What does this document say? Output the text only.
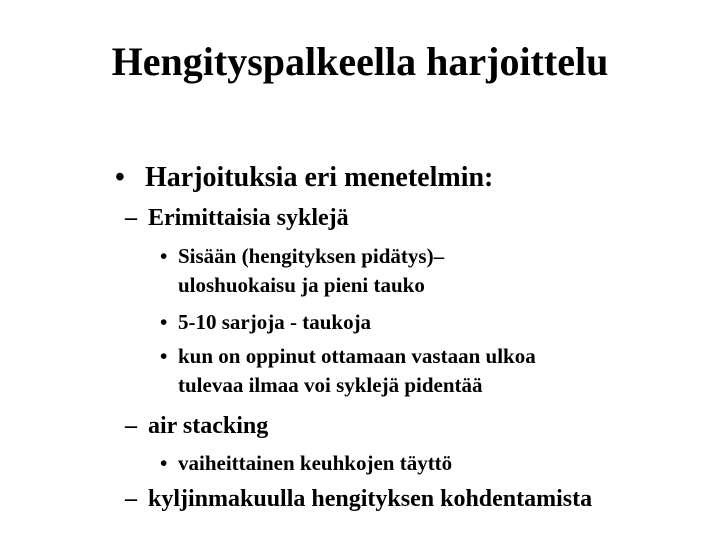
Hengityspalkeella harjoittelu
• Harjoituksia eri menetelmin:
– Erimittaisia syklejä
• Sisään (hengityksen pidätys)–
uloshuokaisu ja pieni tauko
• 5-10 sarjoja - taukoja
• kun on oppinut ottamaan vastaan ulkoa
tulevaa ilmaa voi syklejä pidentää
– air stacking
• vaiheittainen keuhkojen täyttö
– kyljinmakuulla hengityksen kohdentamista
